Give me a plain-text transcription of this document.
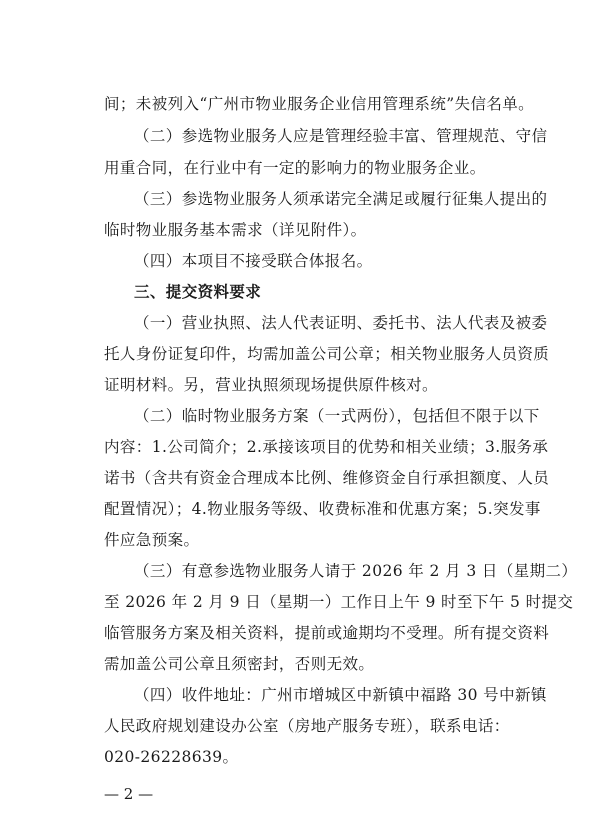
间；未被列入“广州市物业服务企业信用管理系统”失信名单。
（二）参选物业服务人应是管理经验丰富、管理规范、守信
用重合同，在行业中有一定的影响力的物业服务企业。
（三）参选物业服务人须承诺完全满足或履行征集人提出的
临时物业服务基本需求（详见附件）。
（四）本项目不接受联合体报名。
三、提交资料要求
（一）营业执照、法人代表证明、委托书、法人代表及被委
托人身份证复印件，均需加盖公司公章；相关物业服务人员资质
证明材料。另，营业执照须现场提供原件核对。
（二）临时物业服务方案（一式两份），包括但不限于以下
内容：1.公司简介；2.承接该项目的优势和相关业绩；3.服务承
诺书（含共有资金合理成本比例、维修资金自行承担额度、人员
配置情况）；4.物业服务等级、收费标准和优惠方案；5.突发事
件应急预案。
（三）有意参选物业服务人请于 2026 年 2 月 3 日（星期二）
至 2026 年 2 月 9 日（星期一）工作日上午 9 时至下午 5 时提交
临管服务方案及相关资料，提前或逾期均不受理。所有提交资料
需加盖公司公章且须密封，否则无效。
（四）收件地址：广州市增城区中新镇中福路 30 号中新镇
人民政府规划建设办公室（房地产服务专班），联系电话：
020-26228639。
— 2 —
